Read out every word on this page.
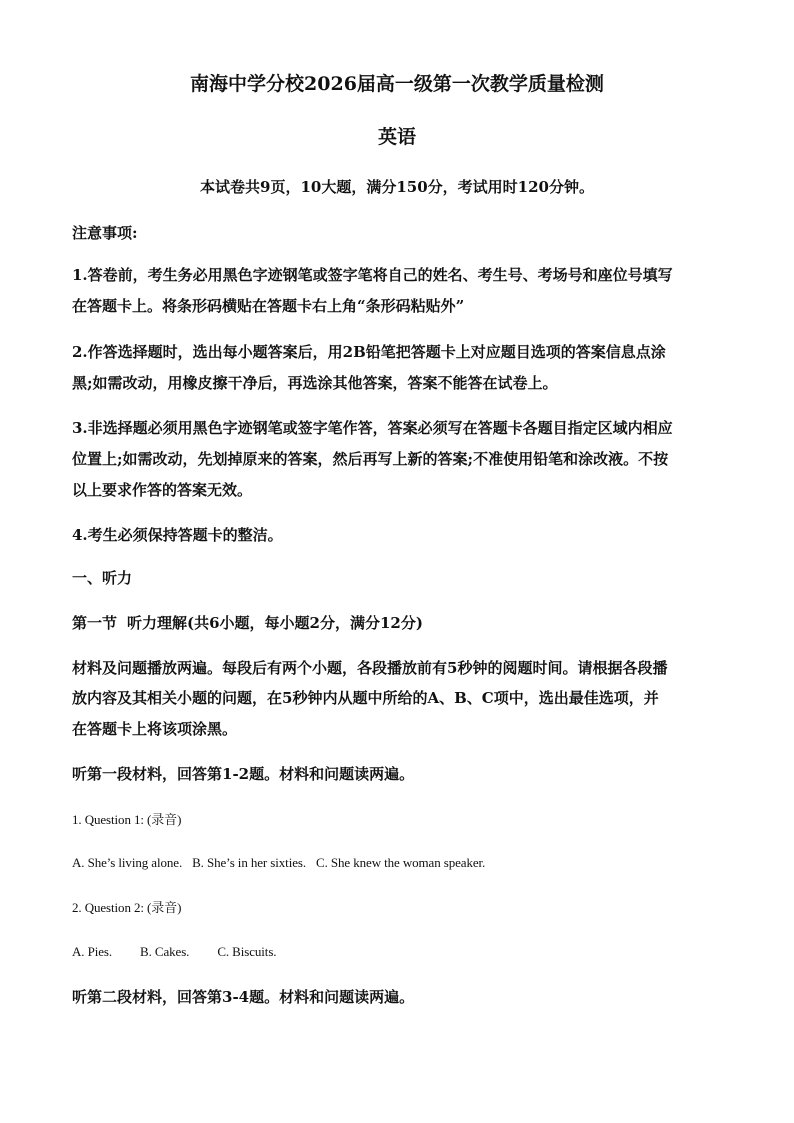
南海中学分校2026届高一级第一次教学质量检测
英语
本试卷共9页，10大题，满分150分，考试用时120分钟。
注意事项:
1.答卷前，考生务必用黑色字迹钢笔或签字笔将自己的姓名、考生号、考场号和座位号填写
在答题卡上。将条形码横贴在答题卡右上角“条形码粘贴外”
2.作答选择题时，选出每小题答案后，用2B铅笔把答题卡上对应题目选项的答案信息点涂
黑;如需改动，用橡皮擦干净后，再选涂其他答案，答案不能答在试卷上。
3.非选择题必须用黑色字迹钢笔或签字笔作答，答案必须写在答题卡各题目指定区域内相应
位置上;如需改动，先划掉原来的答案，然后再写上新的答案;不准使用铅笔和涂改液。不按
以上要求作答的答案无效。
4.考生必须保持答题卡的整洁。
一、听力
第一节 听力理解(共6小题，每小题2分，满分12分)
材料及问题播放两遍。每段后有两个小题，各段播放前有5秒钟的阅题时间。请根据各段播
放内容及其相关小题的问题，在5秒钟内从题中所给的A、B、C项中，选出最佳选项，并
在答题卡上将该项涂黑。
听第一段材料，回答第1-2题。材料和问题读两遍。
1. Question 1: (录音)
A. She’s living alone. B. She’s in her sixties. C. She knew the woman speaker.
2. Question 2: (录音)
A. Pies. B. Cakes. C. Biscuits.
听第二段材料，回答第3-4题。材料和问题读两遍。
